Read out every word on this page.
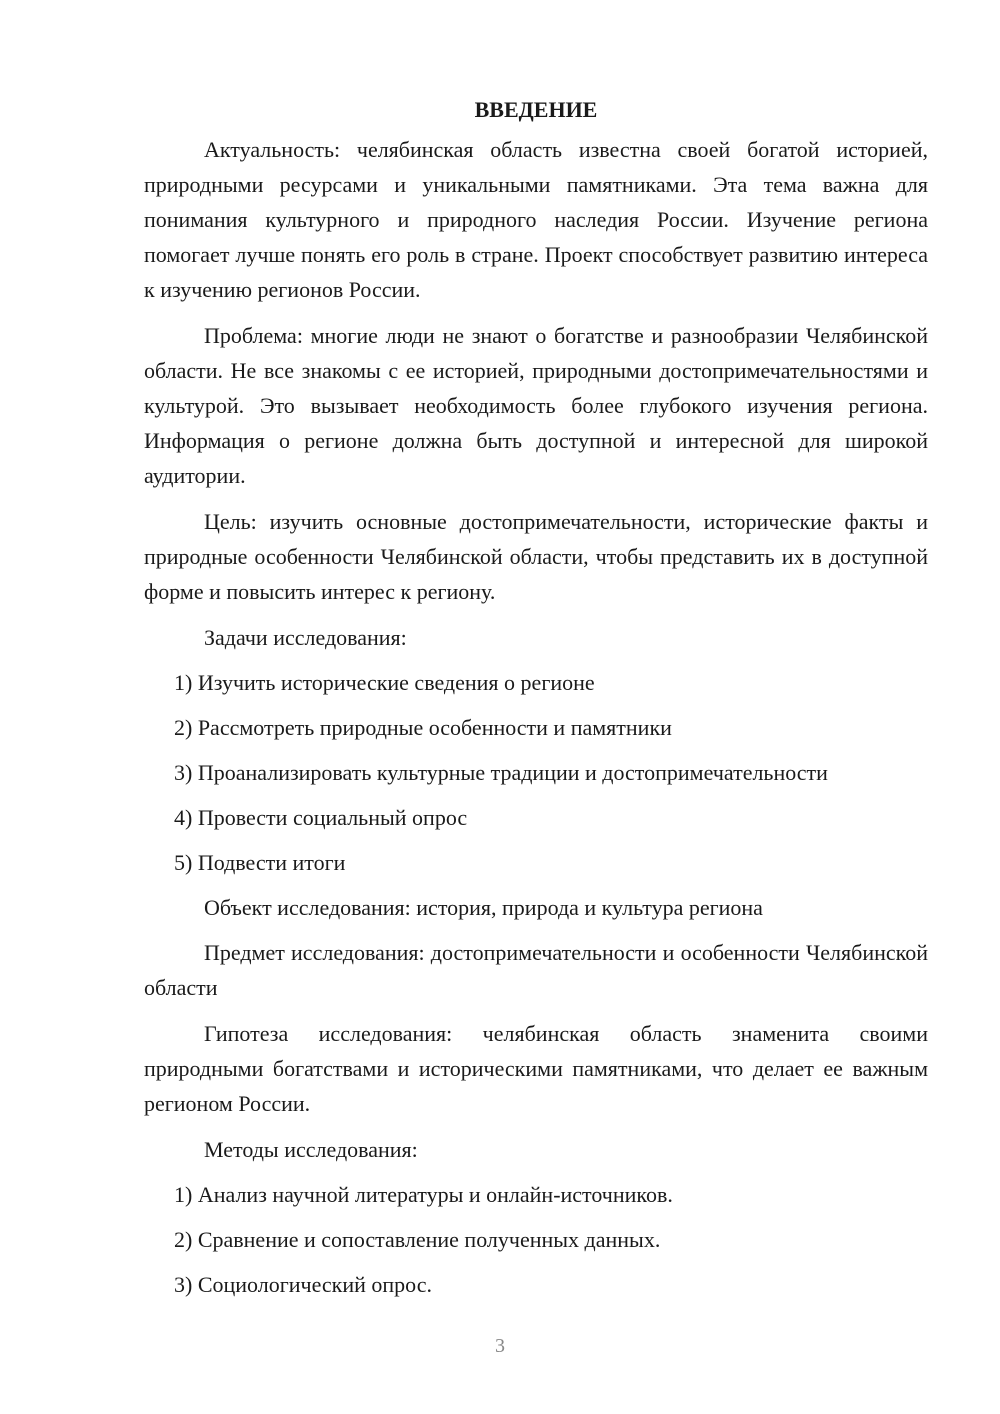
ВВЕДЕНИЕ

Актуальность: челябинская область известна своей богатой историей, природными ресурсами и уникальными памятниками. Эта тема важна для понимания культурного и природного наследия России. Изучение региона помогает лучше понять его роль в стране. Проект способствует развитию интереса к изучению регионов России.

Проблема: многие люди не знают о богатстве и разнообразии Челябинской области. Не все знакомы с ее историей, природными достопримечательностями и культурой. Это вызывает необходимость более глубокого изучения региона. Информация о регионе должна быть доступной и интересной для широкой аудитории.

Цель: изучить основные достопримечательности, исторические факты и природные особенности Челябинской области, чтобы представить их в доступной форме и повысить интерес к региону.

Задачи исследования:
1) Изучить исторические сведения о регионе
2) Рассмотреть природные особенности и памятники
3) Проанализировать культурные традиции и достопримечательности
4) Провести социальный опрос
5) Подвести итоги
Объект исследования: история, природа и культура региона

Предмет исследования: достопримечательности и особенности Челябинской области

Гипотеза исследования: челябинская область знаменита своими природными богатствами и историческими памятниками, что делает ее важным регионом России.

Методы исследования:
1) Анализ научной литературы и онлайн-источников.
2) Сравнение и сопоставление полученных данных.
3) Социологический опрос.
3
